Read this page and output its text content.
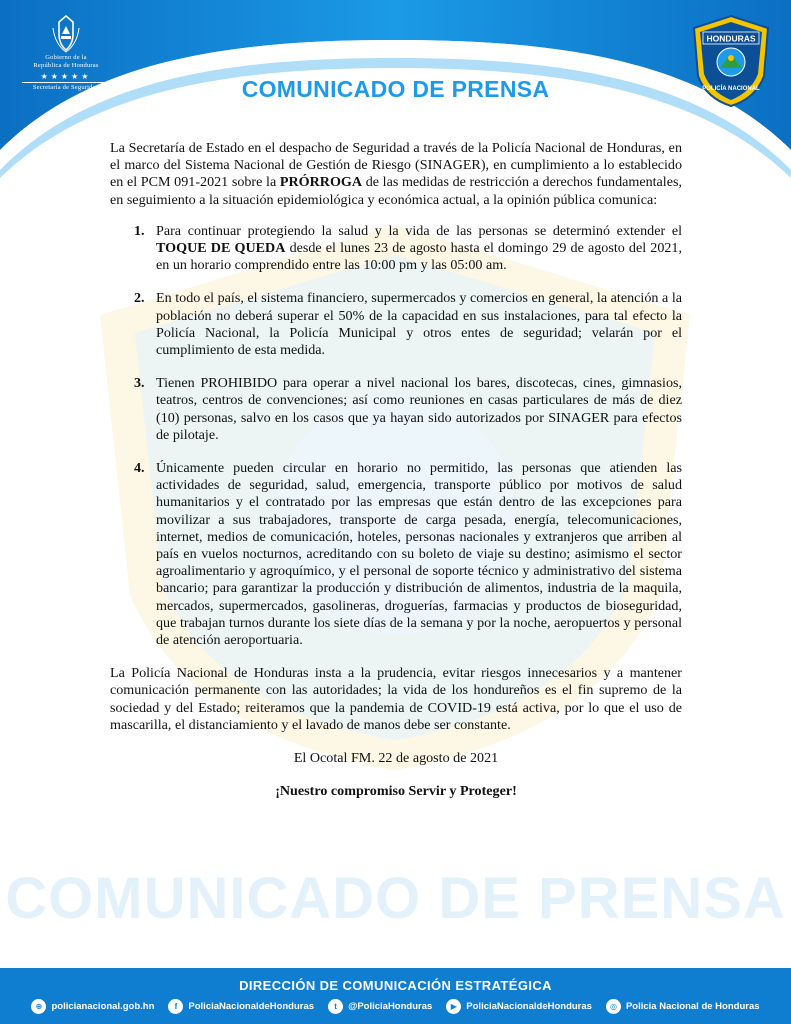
Gobierno de la
República de Honduras
★★★★★
Secretaría de Seguridad
HONDURAS
POLICÍA NACIONAL
COMUNICADO DE PRENSA

La Secretaría de Estado en el despacho de Seguridad a través de la Policía Nacional de Honduras, en el marco del Sistema Nacional de Gestión de Riesgo (SINAGER), en cumplimiento a lo establecido en el PCM 091-2021 sobre la PRÓRROGA de las medidas de restricción a derechos fundamentales, en seguimiento a la situación epidemiológica y económica actual, a la opinión pública comunica:

1. Para continuar protegiendo la salud y la vida de las personas se determinó extender el TOQUE DE QUEDA desde el lunes 23 de agosto hasta el domingo 29 de agosto del 2021, en un horario comprendido entre las 10:00 pm y las 05:00 am.
2. En todo el país, el sistema financiero, supermercados y comercios en general, la atención a la población no deberá superar el 50% de la capacidad en sus instalaciones, para tal efecto la Policía Nacional, la Policía Municipal y otros entes de seguridad; velarán por el cumplimiento de esta medida.
3. Tienen PROHIBIDO para operar a nivel nacional los bares, discotecas, cines, gimnasios, teatros, centros de convenciones; así como reuniones en casas particulares de más de diez (10) personas, salvo en los casos que ya hayan sido autorizados por SINAGER para efectos de pilotaje.
4. Únicamente pueden circular en horario no permitido, las personas que atienden las actividades de seguridad, salud, emergencia, transporte público por motivos de salud humanitarios y el contratado por las empresas que están dentro de las excepciones para movilizar a sus trabajadores, transporte de carga pesada, energía, telecomunicaciones, internet, medios de comunicación, hoteles, personas nacionales y extranjeros que arriben al país en vuelos nocturnos, acreditando con su boleto de viaje su destino; asimismo el sector agroalimentario y agroquímico, y el personal de soporte técnico y administrativo del sistema bancario; para garantizar la producción y distribución de alimentos, industria de la maquila, mercados, supermercados, gasolineras, droguerías, farmacias y productos de bioseguridad, que trabajan turnos durante los siete días de la semana y por la noche, aeropuertos y personal de atención aeroportuaria.

La Policía Nacional de Honduras insta a la prudencia, evitar riesgos innecesarios y a mantener comunicación permanente con las autoridades; la vida de los hondureños es el fin supremo de la sociedad y del Estado; reiteramos que la pandemia de COVID-19 está activa, por lo que el uso de mascarilla, el distanciamiento y el lavado de manos debe ser constante.

El Ocotal FM. 22 de agosto de 2021

¡Nuestro compromiso Servir y Proteger!

COMUNICADO DE PRENSA
DIRECCIÓN DE COMUNICACIÓN ESTRATÉGICA
⊕ policianacional.gob.hn	f	PoliciaNacionaldeHonduras	t	@PoliciaHonduras	▶ PoliciaNacionaldeHonduras	◎ Policia Nacional de Honduras
